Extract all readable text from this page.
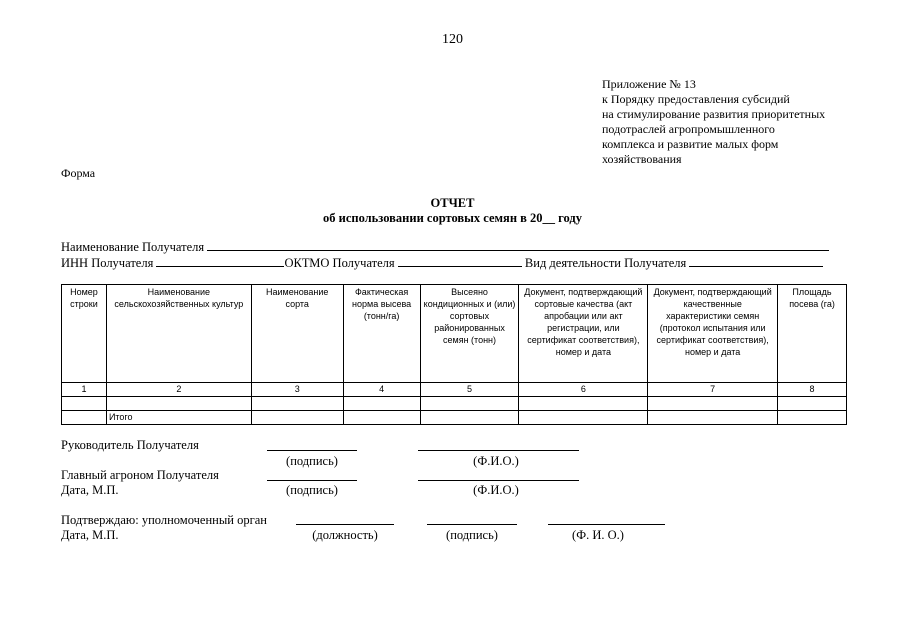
120
Приложение № 13
к Порядку предоставления субсидий
на стимулирование развития приоритетных
подотраслей агропромышленного
комплекса и развитие малых форм
хозяйствования
Форма
ОТЧЕТ
об использовании сортовых семян в 20__ году
Наименование Получателя
ИНН Получателя	ОКТМО Получателя	Вид деятельности Получателя
Номер строки	Наименование сельскохозяйственных культур	Наименование сорта	Фактическая норма высева (тонн/га)	Высеяно кондиционных и (или) сортовых районированных семян (тонн)	Документ, подтверждающий сортовые качества (акт апробации или акт регистрации, или сертификат соответствия), номер и дата	Документ, подтверждающий качественные характеристики семян (протокол испытания или сертификат соответствия), номер и дата	Площадь посева (га)
1	2	3	4	5	6	7	8

	Итого						
Руководитель Получателя
(подпись)	(Ф.И.О.)
Главный агроном Получателя
Дата, М.П.	(подпись)	(Ф.И.О.)
Подтверждаю: уполномоченный орган
Дата, М.П.	(должность)	(подпись)	(Ф. И. О.)
